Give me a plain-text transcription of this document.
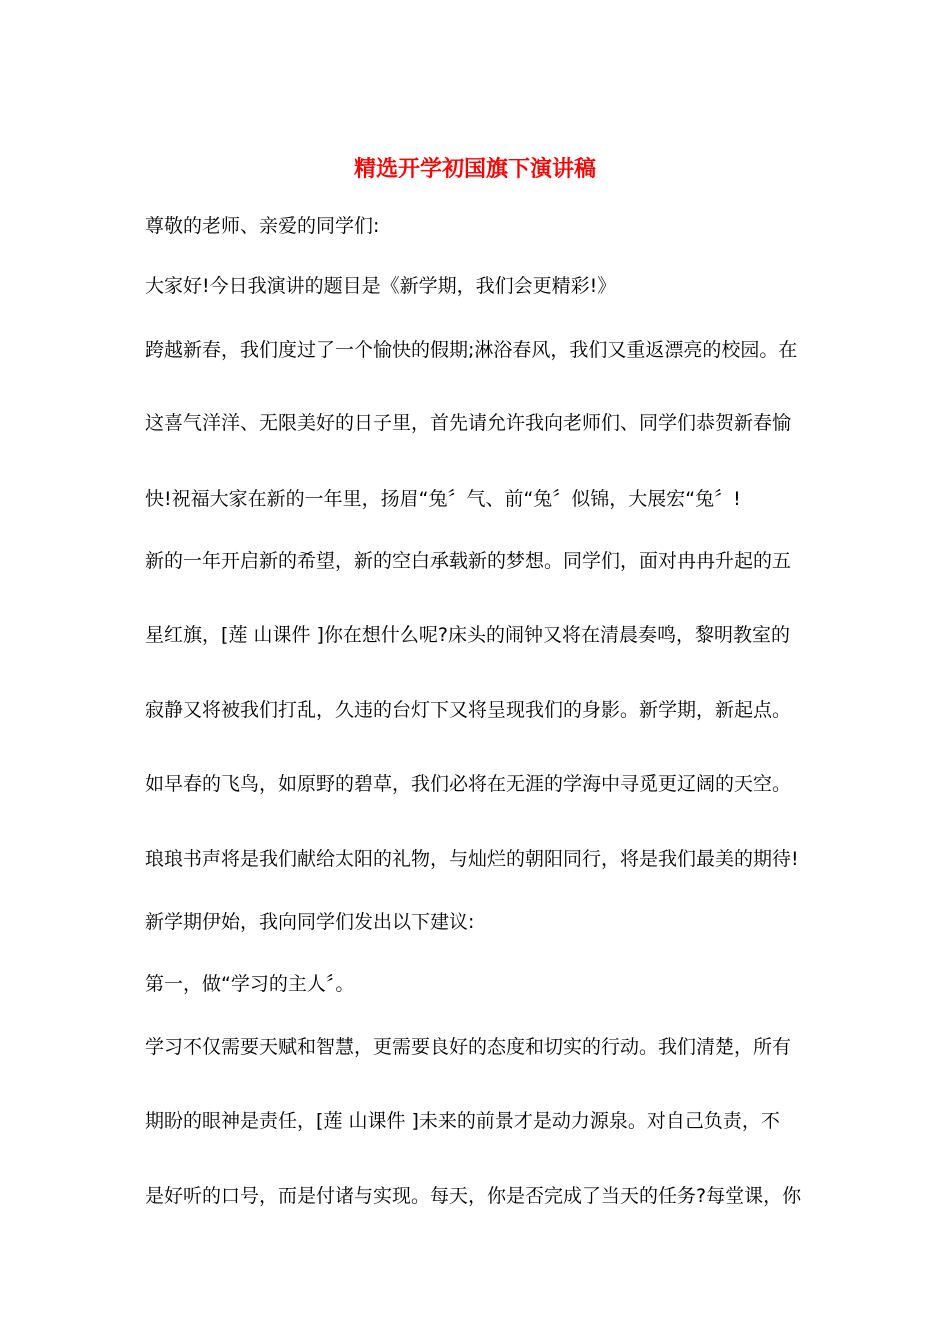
精选开学初国旗下演讲稿
尊敬的老师、亲爱的同学们:
大家好!今日我演讲的题目是《新学期，我们会更精彩!》
跨越新春，我们度过了一个愉快的假期;淋浴春风，我们又重返漂亮的校园。在
这喜气洋洋、无限美好的日子里，首先请允许我向老师们、同学们恭贺新春愉
快!祝福大家在新的一年里，扬眉“兔〞气、前“兔〞似锦，大展宏“兔〞!
新的一年开启新的希望，新的空白承载新的梦想。同学们，面对冉冉升起的五
星红旗，[莲 山课件 ]你在想什么呢?床头的闹钟又将在清晨奏鸣，黎明教室的
寂静又将被我们打乱，久违的台灯下又将呈现我们的身影。新学期，新起点。
如早春的飞鸟，如原野的碧草，我们必将在无涯的学海中寻觅更辽阔的天空。
琅琅书声将是我们献给太阳的礼物，与灿烂的朝阳同行，将是我们最美的期待!
新学期伊始，我向同学们发出以下建议:
第一，做“学习的主人〞。
学习不仅需要天赋和智慧，更需要良好的态度和切实的行动。我们清楚，所有
期盼的眼神是责任，[莲 山课件 ]未来的前景才是动力源泉。对自己负责，不
是好听的口号，而是付诸与实现。每天，你是否完成了当天的任务?每堂课，你
